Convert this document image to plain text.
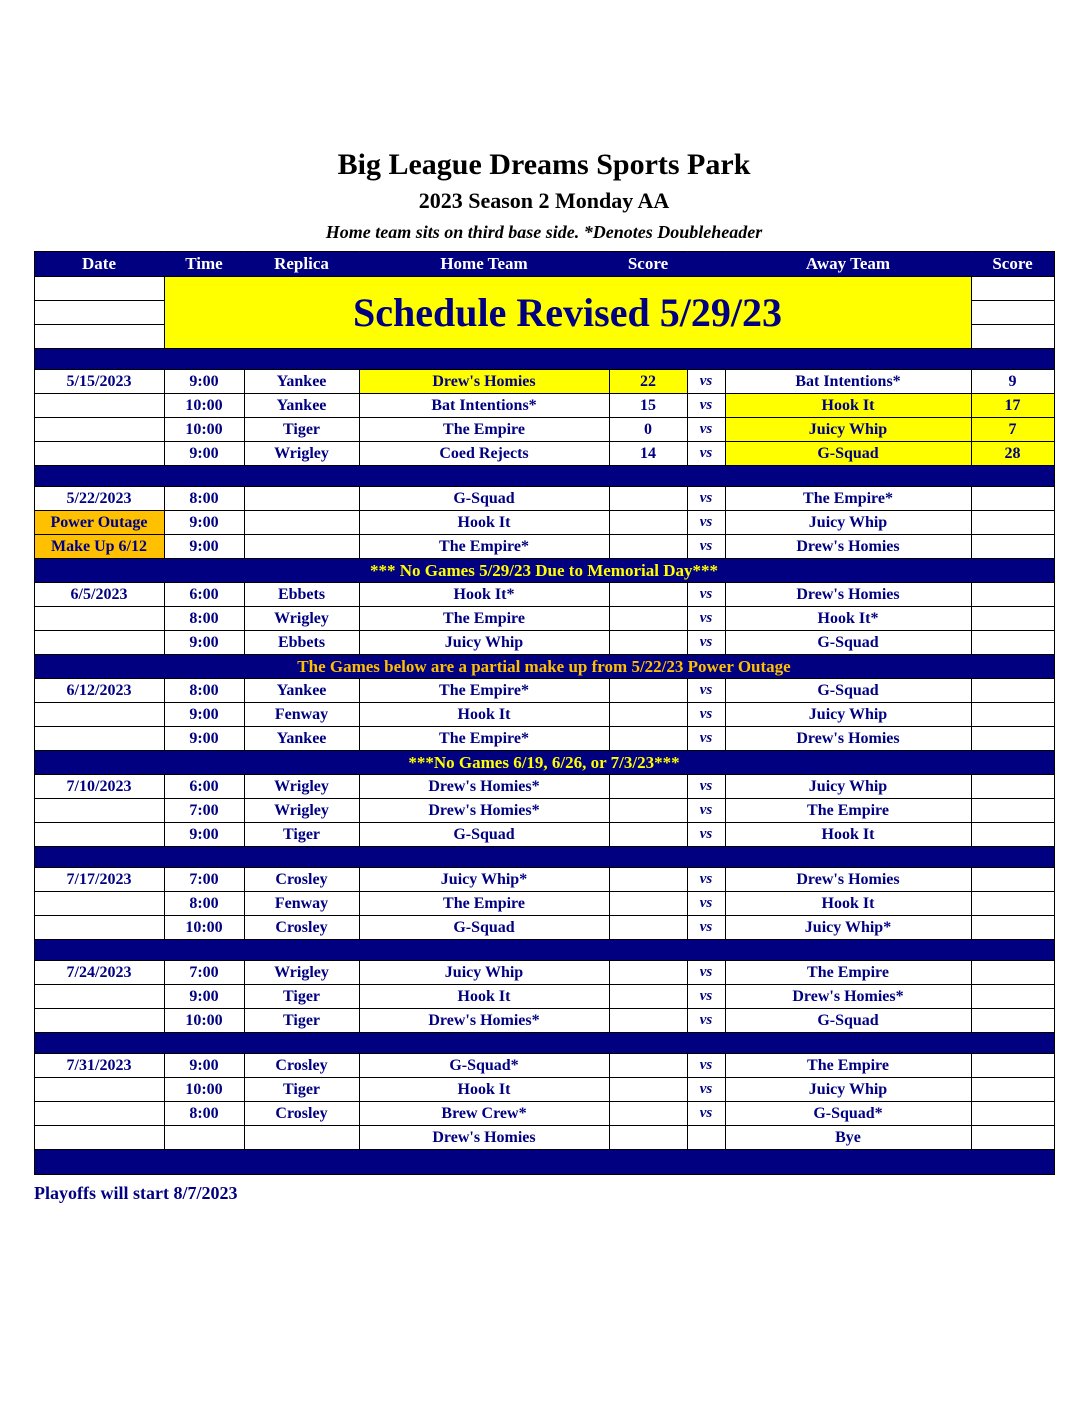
Big League Dreams Sports Park
2023 Season 2 Monday AA
Home team sits on third base side. *Denotes Doubleheader
Date	Time	Replica	Home Team	Score		Away Team	Score
	Schedule Revised 5/29/23						

5/15/2023	9:00	Yankee	Drew's Homies	22	vs	Bat Intentions*	9
	10:00	Yankee	Bat Intentions*	15	vs	Hook It	17
	10:00	Tiger	The Empire	0	vs	Juicy Whip	7
	9:00	Wrigley	Coed Rejects	14	vs	G-Squad	28

5/22/2023	8:00		G-Squad		vs	The Empire*	
Power Outage	9:00		Hook It		vs	Juicy Whip	
Make Up 6/12	9:00		The Empire*		vs	Drew's Homies	
*** No Games 5/29/23 Due to Memorial Day***							
6/5/2023	6:00	Ebbets	Hook It*		vs	Drew's Homies	
	8:00	Wrigley	The Empire		vs	Hook It*	
	9:00	Ebbets	Juicy Whip		vs	G-Squad	
The Games below are a partial make up from 5/22/23 Power Outage							
6/12/2023	8:00	Yankee	The Empire*		vs	G-Squad	
	9:00	Fenway	Hook It		vs	Juicy Whip	
	9:00	Yankee	The Empire*		vs	Drew's Homies	
***No Games 6/19, 6/26, or 7/3/23***							
7/10/2023	6:00	Wrigley	Drew's Homies*		vs	Juicy Whip	
	7:00	Wrigley	Drew's Homies*		vs	The Empire	
	9:00	Tiger	G-Squad		vs	Hook It	

7/17/2023	7:00	Crosley	Juicy Whip*		vs	Drew's Homies	
	8:00	Fenway	The Empire		vs	Hook It	
	10:00	Crosley	G-Squad		vs	Juicy Whip*	

7/24/2023	7:00	Wrigley	Juicy Whip		vs	The Empire	
	9:00	Tiger	Hook It		vs	Drew's Homies*	
	10:00	Tiger	Drew's Homies*		vs	G-Squad	

7/31/2023	9:00	Crosley	G-Squad*		vs	The Empire	
	10:00	Tiger	Hook It		vs	Juicy Whip	
	8:00	Crosley	Brew Crew*		vs	G-Squad*	
			Drew's Homies			Bye	

Playoffs will start 8/7/2023
